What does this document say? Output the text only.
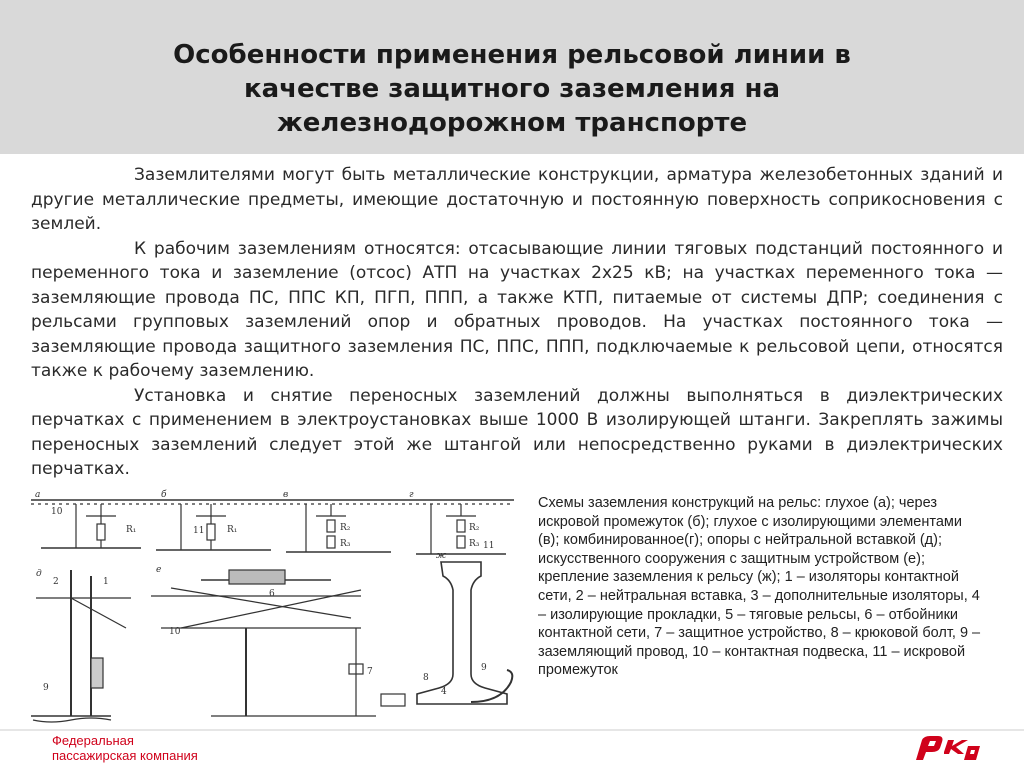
Особенности применения рельсовой линии в
качестве защитного заземления на
железнодорожном транспорте

Заземлителями могут быть металлические конструкции, арматура железобетонных зданий и другие металлические предметы, имеющие достаточную и постоянную поверхность соприкосновения с землей.

К рабочим заземлениям относятся: отсасывающие линии тяговых подстанций постоянного и переменного тока и заземление (отсос) АТП на участках 2х25 кВ; на участках переменного тока — заземляющие провода ПС, ППС КП, ПГП, ППП, а также КТП, питаемые от системы ДПР; соединения с рельсами групповых заземлений опор и обратных проводов. На участках постоянного тока — заземляющие провода защитного заземления ПС, ППС, ППП, подключаемые к рельсовой цепи, относятся также к рабочему заземлению.

Установка и снятие переносных заземлений должны выполняться в диэлектрических перчатках с применением в электроустановках выше 1000 В изолирующей штанги. Закреплять зажимы переносных заземлений следует этой же штангой или непосредственно руками в диэлектрических перчатках.

а
R₁
10
б
R₁
11
в
R₂
R₃
г
R₂
R₃ 11
д
2	1
е
6
10
7
ж
9
8
4
9
Схемы заземления конструкций на рельс: глухое (а); через искровой промежуток (б); глухое с изолирующими элементами (в); комбинированное(г); опоры с нейтральной вставкой (д); искусственного сооружения с защитным устройством (е); крепление заземления к рельсу (ж); 1 – изоляторы контактной сети, 2 – нейтральная вставка, 3 – дополнительные изоляторы, 4 – изолирующие прокладки, 5 – тяговые рельсы, 6 – отбойники контактной сети, 7 – защитное устройство, 8 – крюковой болт, 9 – заземляющий провод, 10 – контактная подвеска, 11 – искровой промежуток
Федеральная
пассажирская компания
